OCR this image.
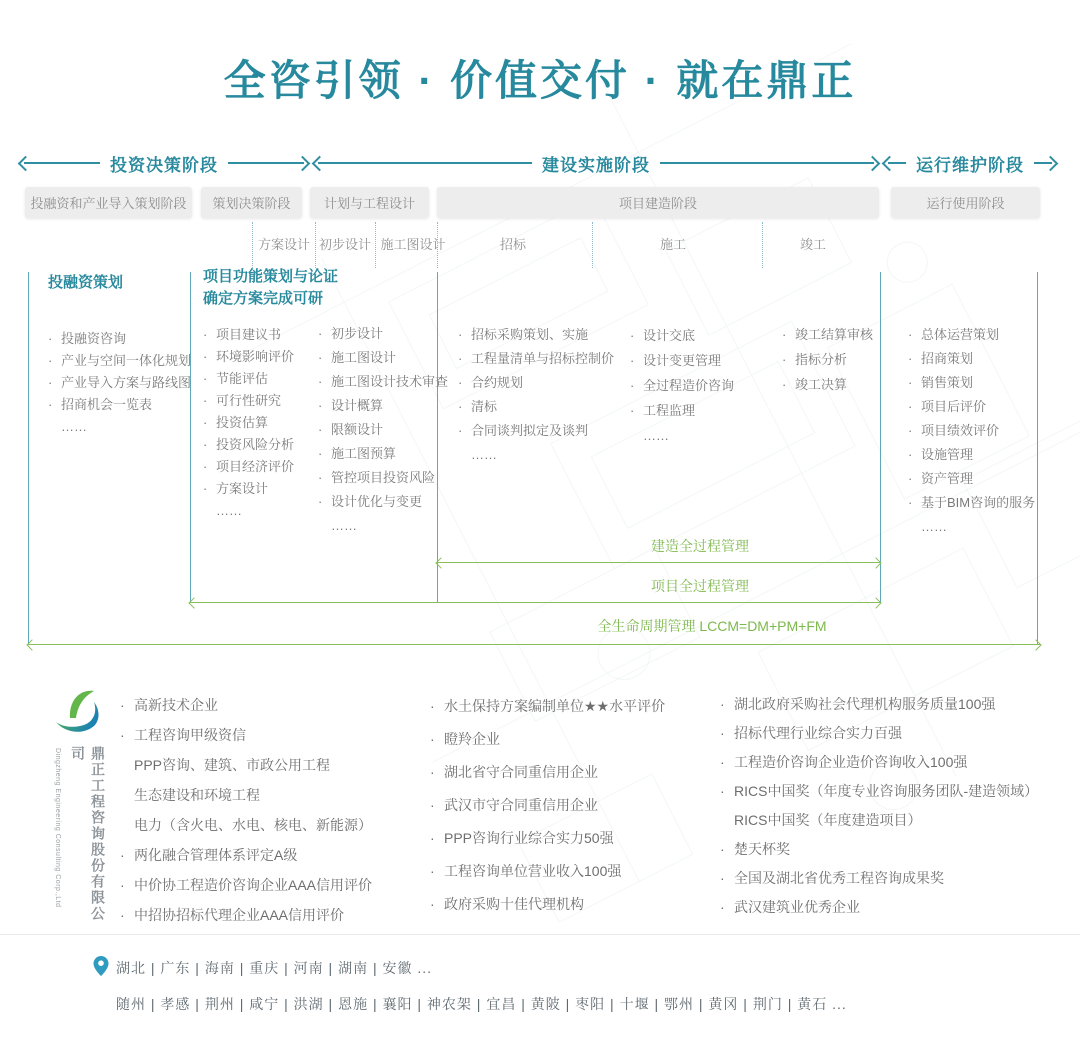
全咨引领 · 价值交付 · 就在鼎正
投资决策阶段	建设实施阶段	运行维护阶段
投融资和产业导入策划阶段	策划决策阶段	计划与工程设计	项目建造阶段	运行使用阶段
方案设计 初步设计 施工图设计	招标	施工	竣工
投融资策划
· 投融资咨询
· 产业与空间一体化规划
· 产业导入方案与路线图
· 招商机会一览表
……
项目功能策划与论证
确定方案完成可研
· 项目建议书
· 环境影响评价
· 节能评估
· 可行性研究
· 投资估算
· 投资风险分析
· 项目经济评价
· 方案设计
……
· 初步设计
· 施工图设计
· 施工图设计技术审查
· 设计概算
· 限额设计
· 施工图预算
· 管控项目投资风险
· 设计优化与变更
……
· 招标采购策划、实施
· 工程量清单与招标控制价
· 合约规划
· 清标
· 合同谈判拟定及谈判
……
· 设计交底
· 设计变更管理
· 全过程造价咨询
· 工程监理
……
· 竣工结算审核
· 指标分析
· 竣工决算
· 总体运营策划
· 招商策划
· 销售策划
· 项目后评价
· 项目绩效评价
· 设施管理
· 资产管理
· 基于BIM咨询的服务
……
建造全过程管理
项目全过程管理
全生命周期管理 LCCM=DM+PM+FM
Dingzheng Engineering Consulting Corp.,Ltd	鼎正工程咨询股份有限公司
· 高新技术企业
· 工程咨询甲级资信
PPP咨询、建筑、市政公用工程
生态建设和环境工程
电力（含火电、水电、核电、新能源）
· 两化融合管理体系评定A级
· 中价协工程造价咨询企业AAA信用评价
· 中招协招标代理企业AAA信用评价
· 水土保持方案编制单位★★水平评价
· 瞪羚企业
· 湖北省守合同重信用企业
· 武汉市守合同重信用企业
· PPP咨询行业综合实力50强
· 工程咨询单位营业收入100强
· 政府采购十佳代理机构
· 湖北政府采购社会代理机构服务质量100强
· 招标代理行业综合实力百强
· 工程造价咨询企业造价咨询收入100强
· RICS中国奖（年度专业咨询服务团队-建造领域）
RICS中国奖（年度建造项目）
· 楚天杯奖
· 全国及湖北省优秀工程咨询成果奖
· 武汉建筑业优秀企业
湖北 | 广东 | 海南 | 重庆 | 河南 | 湖南 | 安徽 ...
随州 | 孝感 | 荆州 | 咸宁 | 洪湖 | 恩施 | 襄阳 | 神农架 | 宜昌 | 黄陂 | 枣阳 | 十堰 | 鄂州 | 黄冈 | 荆门 | 黄石 ...
